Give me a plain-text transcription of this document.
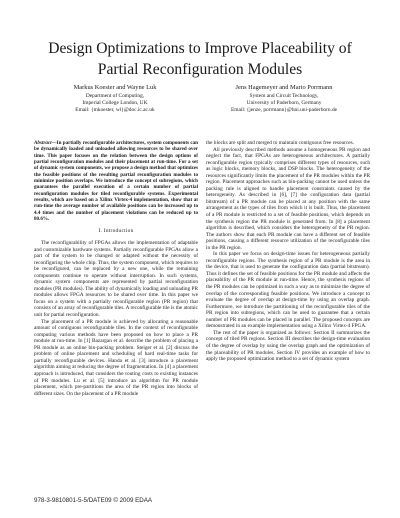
Design Optimizations to Improve Placeability of
Partial Reconfiguration Modules
Markus Koester and Wayne Luk
Department of Computing,
Imperial College London, UK
Email: {mkoester, wl}@doc.ic.ac.uk
Jens Hagemeyer and Mario Porrmann
System and Circuit Technology,
University of Paderborn, Germany
Email: {jenze, porrmann}@hni.uni-paderborn.de

Abstract—In partially reconfigurable architectures, system components can be dynamically loaded and unloaded allowing resources to be shared over time. This paper focuses on the relation between the design options of partial reconfiguration modules and their placement at run-time. For a set of dynamic system components, we propose a design method that optimizes the feasible positions of the resulting partial reconfiguration modules to minimize position overlaps. We introduce the concept of subregions, which guarantees the parallel execution of a certain number of partial reconfiguration modules for tiled reconfigurable systems. Experimental results, which are based on a Xilinx Virtex-4 implementation, show that at run-time the average number of available positions can be increased up to 4.4 times and the number of placement violations can be reduced up to 80.6%.

I. Introduction

The reconfigurability of FPGAs allows the implementation of adaptable and customizable hardware systems. Partially reconfigurable FPGAs allow a part of the system to be changed or adapted without the necessity of reconfiguring the whole chip. Thus, the system component, which requires to be reconfigured, can be replaced by a new one, while the remaining components continue to operate without interruption. In such systems, dynamic system components are represented by partial reconfiguration modules (PR modules). The ability of dynamically loading and unloading PR modules allows FPGA resources to be shared over time. In this paper we focus on a system with a partially reconfigurable region (PR region) that consists of an array of reconfigurable tiles. A reconfigurable tile is the atomic unit for partial reconfiguration.

The placement of a PR module is achieved by allocating a reasonable amount of contiguous reconfigurable tiles. In the context of reconfigurable computing various methods have been proposed on how to place a PR module at run-time. In [1] Bazargan et al. describe the problem of placing a PR module as an online bin-packing problem. Steiger et al. [2] discuss the problem of online placement and scheduling of hard real-time tasks for partially reconfigurable devices. Handa et al. [3] introduce a placement algorithm aiming at reducing the degree of fragmentation. In [4] a placement approach is introduced, that considers the routing costs to existing instances of PR modules. Lu et al. [5] introduce an algorithm for PR module placement, which pre-partitions the area of the PR region into blocks of different sizes. On the placement of a PR module

the blocks are split and merged to maintain contiguous free resources.

All previously described methods assume a homogeneous PR region and neglect the fact, that FPGAs are heterogeneous architectures. A partially reconfigurable region typically comprises different types of resources, such as logic blocks, memory blocks, and DSP blocks. The heterogeneity of the resources significantly limits the placement of the PR modules within the PR region. Placement approaches such as bin-packing cannot be used unless the packing rule is aligned to handle placement constraints caused by the heterogeneity. As described in [6], [7] the configuration data (partial bitstream) of a PR module can be placed at any position with the same arrangement as the types of tiles from which it is built. Thus, the placement of a PR module is restricted to a set of feasible positions, which depends on the synthesis region the PR module is generated from. In [8] a placement algorithm is described, which considers the heterogeneity of the PR region. The authors show that each PR module can have a different set of feasible positions, causing a different resource utilization of the reconfigurable tiles in the PR region.

In this paper we focus on design-time issues for heterogeneous partially reconfigurable regions. The synthesis region of a PR module is the area in the device, that is used to generate the configuration data (partial bitstream). Thus it defines the set of feasible positions for the PR module and affects the placeability of the PR module at run-time. Hence, the synthesis regions of the PR modules can be optimized in such a way as to minimize the degree of overlap of the corresponding feasible positions. We introduce a concept to evaluate the degree of overlap at design-time by using an overlap graph. Furthermore, we introduce the partitioning of the reconfigurable tiles of the PR region into subregions, which can be used to guarantee that a certain number of PR modules can be placed in parallel. The proposed concepts are demonstrated in an example implementation using a Xilinx Virtex-4 FPGA.

The rest of the paper is organized as follows: Section II summarizes the concept of tiled PR regions. Section III describes the design-time evaluation of the degree of overlap by using the overlap graph and the optimization of the placeability of PR modules. Section IV provides an example of how to apply the proposed optimization method to a set of dynamic system

978-3-9810801-5-5/DATE09 © 2009 EDAA
